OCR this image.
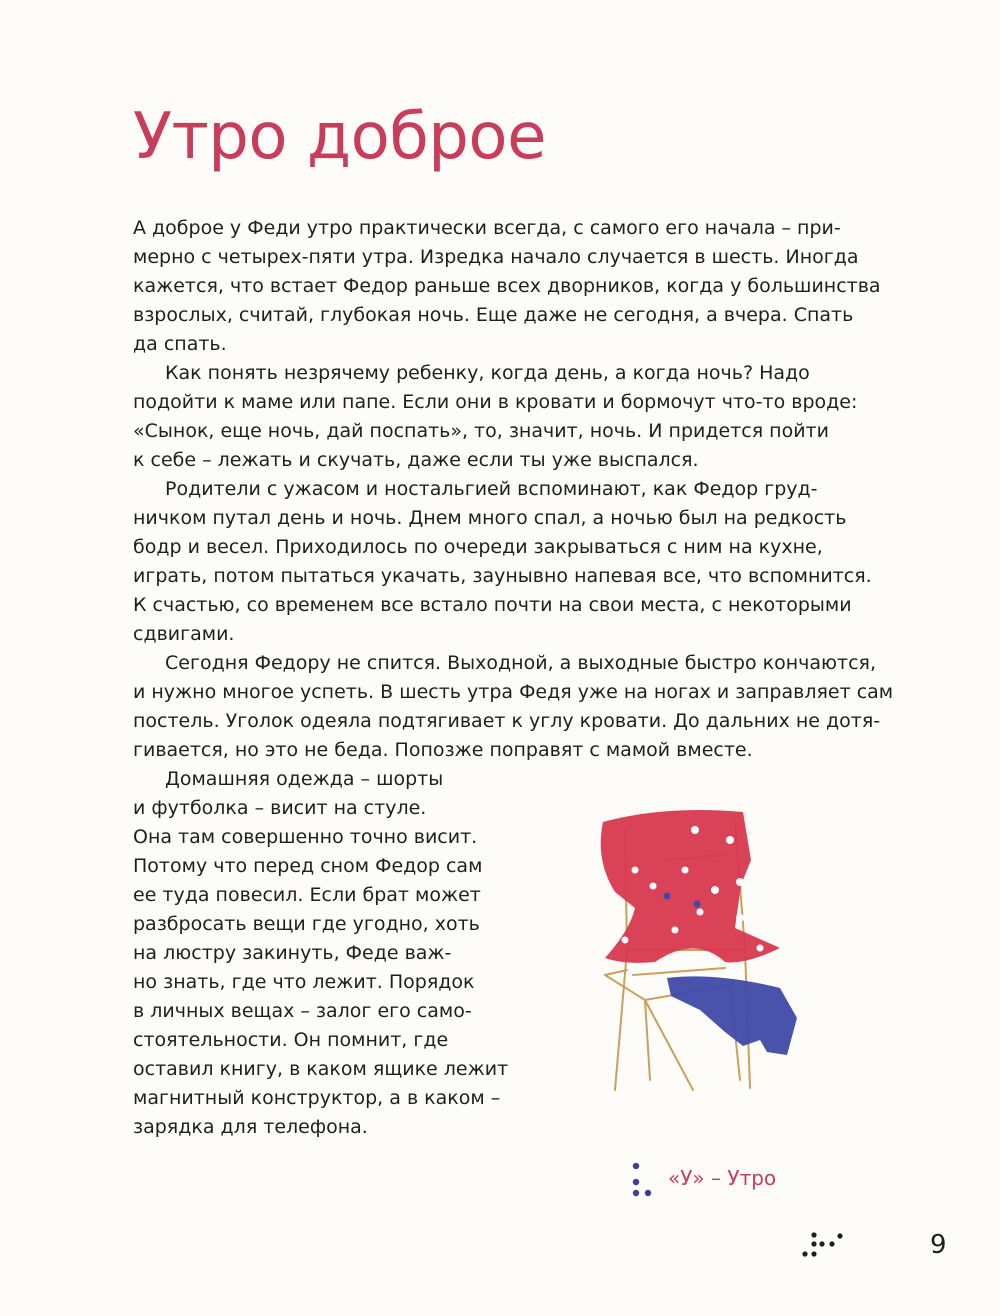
Утро доброе

А доброе у Феди утро практически всегда, с самого его начала – при-
мерно с четырех-пяти утра. Изредка начало случается в шесть. Иногда
кажется, что встает Федор раньше всех дворников, когда у большинства
взрослых, считай, глубокая ночь. Еще даже не сегодня, а вчера. Спать
да спать.

Как понять незрячему ребенку, когда день, а когда ночь? Надо
подойти к маме или папе. Если они в кровати и бормочут что-то вроде:
«Сынок, еще ночь, дай поспать», то, значит, ночь. И придется пойти
к себе – лежать и скучать, даже если ты уже выспался.

Родители с ужасом и ностальгией вспоминают, как Федор груд-
ничком путал день и ночь. Днем много спал, а ночью был на редкость
бодр и весел. Приходилось по очереди закрываться с ним на кухне,
играть, потом пытаться укачать, заунывно напевая все, что вспомнится.
К счастью, со временем все встало почти на свои места, с некоторыми
сдвигами.

Сегодня Федору не спится. Выходной, а выходные быстро кончаются,
и нужно многое успеть. В шесть утра Федя уже на ногах и заправляет сам
постель. Уголок одеяла подтягивает к углу кровати. До дальних не дотя-
гивается, но это не беда. Попозже поправят с мамой вместе.

Домашняя одежда – шорты
и футболка – висит на стуле.
Она там совершенно точно висит.
Потому что перед сном Федор сам
ее туда повесил. Если брат может
разбросать вещи где угодно, хоть
на люстру закинуть, Феде важ-
но знать, где что лежит. Порядок
в личных вещах – залог его само-
стоятельности. Он помнит, где
оставил книгу, в каком ящике лежит
магнитный конструктор, а в каком –
зарядка для телефона.

«У» – Утро
9
